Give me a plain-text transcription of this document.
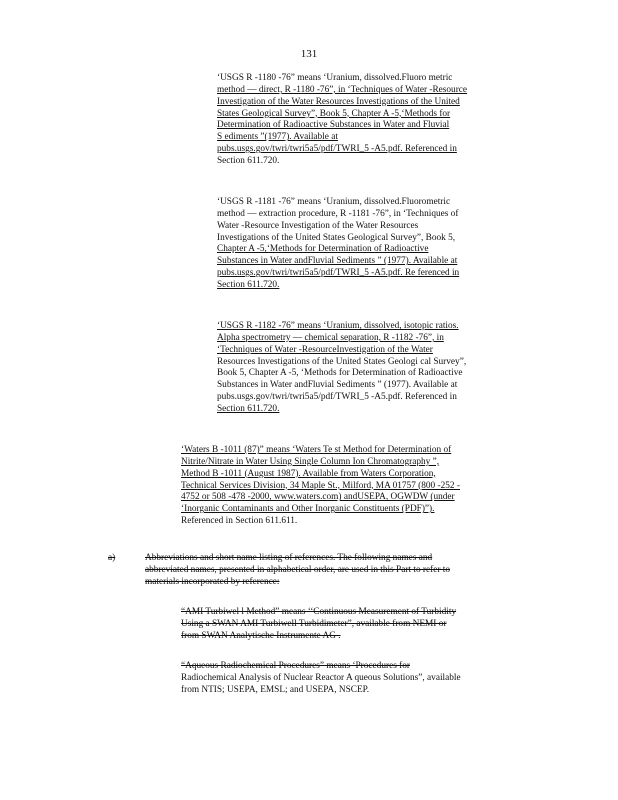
131
‘USGS R -1180 -76” means ‘Uranium, dissolved.Fluoro metric
method — direct, R -1180 -76”, in ‘Techniques of Water -Resource
Investigation of the Water Resources Investigations of the United
States Geological Survey”, Book 5, Chapter A -5,‘Methods for
Determination of Radioactive Substances in Water and Fluvial
S ediments ”(1977). Available at
pubs.usgs.gov/twri/twri5a5/pdf/TWRI_5 -A5.pdf. Referenced in
Section 611.720.
‘USGS R -1181 -76” means ‘Uranium, dissolved.Fluorometric
method — extraction procedure, R -1181 -76”, in ‘Techniques of
Water -Resource Investigation of the Water Resources
Investigations of the United States Geological Survey”, Book 5,
Chapter A -5,‘Methods for Determination of Radioactive
Substances in Water andFluvial Sediments ” (1977). Available at
pubs.usgs.gov/twri/twri5a5/pdf/TWRI_5 -A5.pdf. Re ferenced in
Section 611.720.
‘USGS R -1182 -76” means ‘Uranium, dissolved, isotopic ratios.
Alpha spectrometry — chemical separation, R -1182 -76”, in
‘Techniques of Water -ResourceInvestigation of the Water
Resources Investigations of the United States Geologi cal Survey”,
Book 5, Chapter A -5, ‘Methods for Determination of Radioactive
Substances in Water andFluvial Sediments ” (1977). Available at
pubs.usgs.gov/twri/twri5a5/pdf/TWRI_5 -A5.pdf. Referenced in
Section 611.720.
‘Waters B -1011 (87)” means ‘Waters Te st Method for Determination of
Nitrite/Nitrate in Water Using Single Column Ion Chromatography ”,
Method B -1011 (August 1987). Available from Waters Corporation,
Technical Services Division, 34 Maple St., Milford, MA 01757 (800 -252 -
4752 or 508 -478 -2000, www.waters.com) andUSEPA, OGWDW (under
‘Inorganic Contaminants and Other Inorganic Constituents (PDF)”).
Referenced in Section 611.611.
a)	Abbreviations and short name listing of references. The following names and
abbreviated names, presented in alphabetical order, are used in this Part to refer to
materials incorporated by reference:
“AMI Turbiwel l Method” means ‘‘Continuous Measurement of Turbidity
Using a SWAN AMI Turbiwell Turbidimeter”, available from NEMI or
from SWAN Analytische Instrumente AG .
“Aqueous Radiochemical Procedures” means ‘Procedures for
Radiochemical Analysis of Nuclear Reactor A queous Solutions”, available
from NTIS; USEPA, EMSL; and USEPA, NSCEP.
